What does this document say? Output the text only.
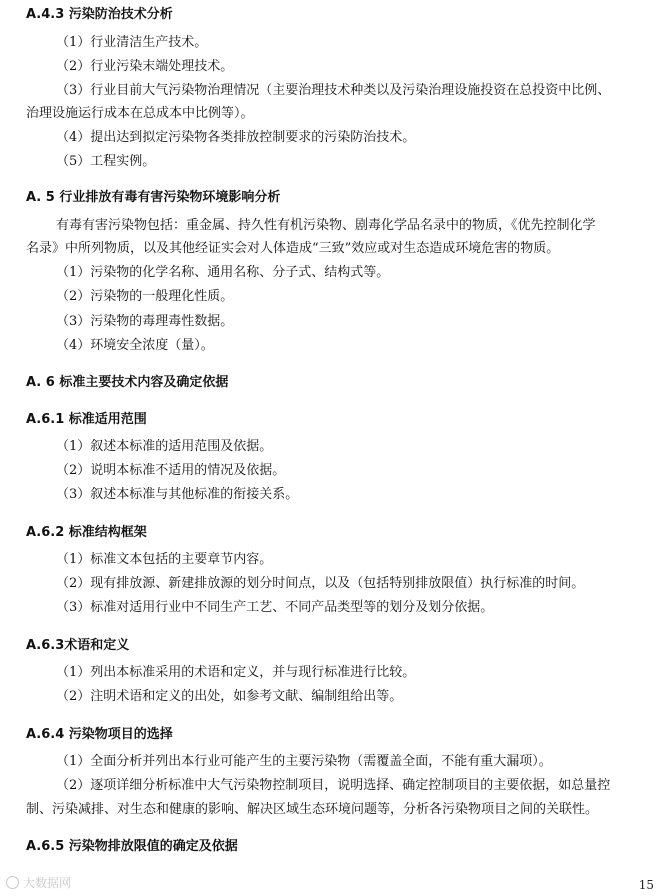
A.4.3 污染防治技术分析
（1）行业清洁生产技术。
（2）行业污染末端处理技术。
（3）行业目前大气污染物治理情况（主要治理技术种类以及污染治理设施投资在总投资中比例、
治理设施运行成本在总成本中比例等）。
（4）提出达到拟定污染物各类排放控制要求的污染防治技术。
（5）工程实例。
A. 5 行业排放有毒有害污染物环境影响分析
有毒有害污染物包括：重金属、持久性有机污染物、剧毒化学品名录中的物质，《优先控制化学
名录》中所列物质，以及其他经证实会对人体造成“三致”效应或对生态造成环境危害的物质。
（1）污染物的化学名称、通用名称、分子式、结构式等。
（2）污染物的一般理化性质。
（3）污染物的毒理毒性数据。
（4）环境安全浓度（量）。
A. 6 标准主要技术内容及确定依据
A.6.1 标准适用范围
（1）叙述本标准的适用范围及依据。
（2）说明本标准不适用的情况及依据。
（3）叙述本标准与其他标准的衔接关系。
A.6.2 标准结构框架
（1）标准文本包括的主要章节内容。
（2）现有排放源、新建排放源的划分时间点，以及（包括特别排放限值）执行标准的时间。
（3）标准对适用行业中不同生产工艺、不同产品类型等的划分及划分依据。
A.6.3术语和定义
（1）列出本标准采用的术语和定义，并与现行标准进行比较。
（2）注明术语和定义的出处，如参考文献、编制组给出等。
A.6.4 污染物项目的选择
（1）全面分析并列出本行业可能产生的主要污染物（需覆盖全面，不能有重大漏项）。
（2）逐项详细分析标准中大气污染物控制项目，说明选择、确定控制项目的主要依据，如总量控
制、污染减排、对生态和健康的影响、解决区域生态环境问题等，分析各污染物项目之间的关联性。
A.6.5 污染物排放限值的确定及依据
大数据网	15
